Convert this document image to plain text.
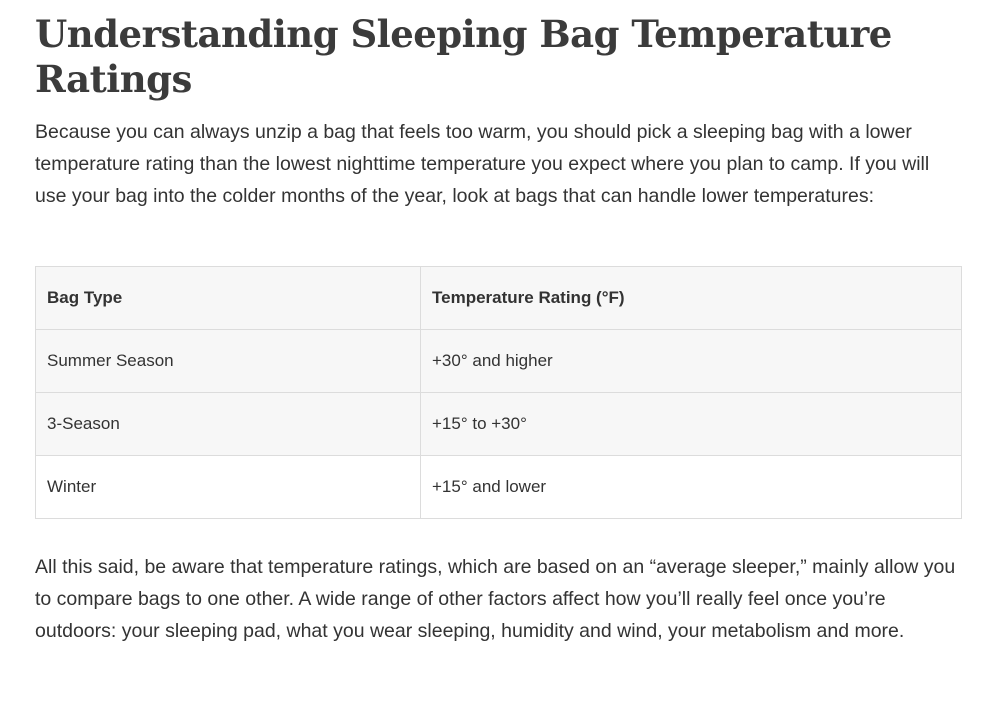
Understanding Sleeping Bag Temperature Ratings

Because you can always unzip a bag that feels too warm, you should pick a sleeping bag with a lower temperature rating than the lowest nighttime temperature you expect where you plan to camp. If you will use your bag into the colder months of the year, look at bags that can handle lower temperatures:

Bag Type	Temperature Rating (°F)
Summer Season	+30° and higher
3-Season	+15° to +30°
Winter	+15° and lower

All this said, be aware that temperature ratings, which are based on an “average sleeper,” mainly allow you to compare bags to one other. A wide range of other factors affect how you’ll really feel once you’re outdoors: your sleeping pad, what you wear sleeping, humidity and wind, your metabolism and more.
